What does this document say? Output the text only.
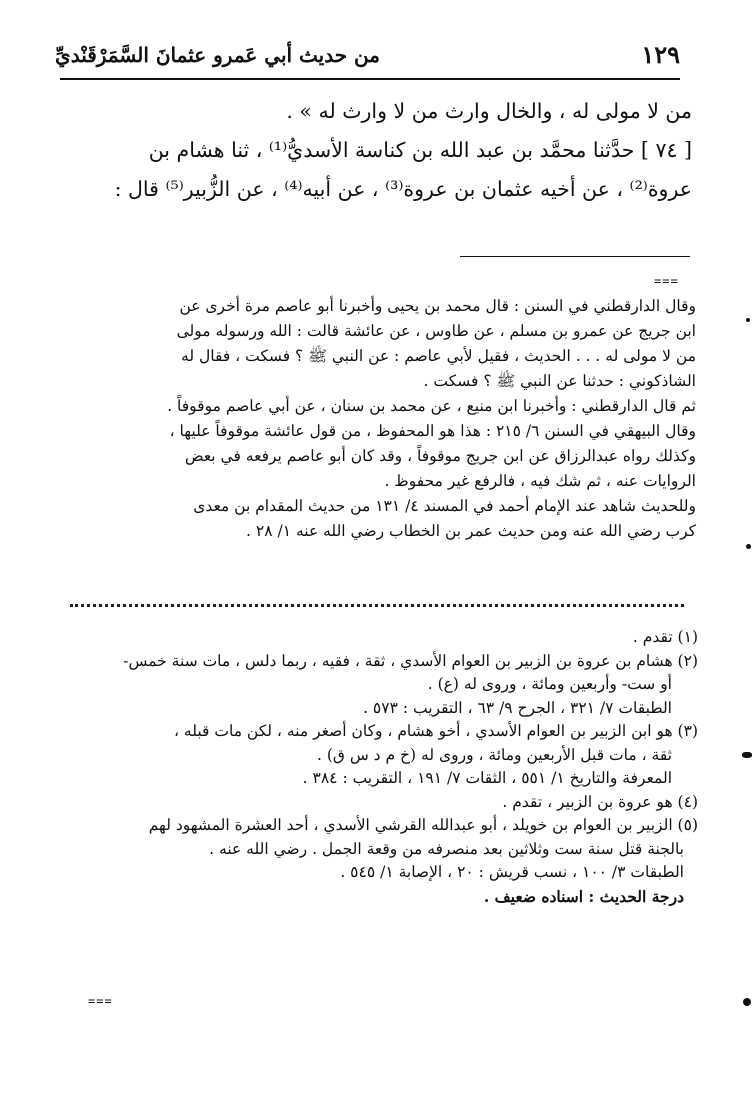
١٢٩
من حديث أبي عَمرو عثمانَ السَّمَرْقَنْديِّ

من لا مولى له ، والخال وارث من لا وارث له » .

[ ٧٤ ] حدَّثنا محمَّد بن عبد الله بن كناسة الأسديُّ⁽¹⁾ ، ثنا هشام بن

عروة⁽²⁾ ، عن أخيه عثمان بن عروة⁽³⁾ ، عن أبيه⁽⁴⁾ ، عن الزُّبير⁽⁵⁾ قال :

===

وقال الدارقطني في السنن : قال محمد بن يحيى وأخبرنا أبو عاصم مرة أخرى عن

ابن جريج عن عمرو بن مسلم ، عن طاوس ، عن عائشة قالت : الله ورسوله مولى

من لا مولى له . . . الحديث ، فقيل لأبي عاصم : عن النبي ﷺ ؟ فسكت ، فقال له

الشاذكوني : حدثنا عن النبي ﷺ ؟ فسكت .

ثم قال الدارقطني : وأخبرنا ابن منيع ، عن محمد بن سنان ، عن أبي عاصم موقوفاً .

وقال البيهقي في السنن ٦/ ٢١٥ : هذا هو المحفوظ ، من قول عائشة موقوفاً عليها ،

وكذلك رواه عبدالرزاق عن ابن جريج موقوفاً ، وقد كان أبو عاصم يرفعه في بعض

الروايات عنه ، ثم شك فيه ، فالرفع غير محفوظ .

وللحديث شاهد عند الإمام أحمد في المسند ٤/ ١٣١ من حديث المقدام بن معدى

كرب رضي الله عنه ومن حديث عمر بن الخطاب رضي الله عنه ١/ ٢٨ .

(١) تقدم .

(٢) هشام بن عروة بن الزبير بن العوام الأسدي ، ثقة ، فقيه ، ربما دلس ، مات سنة خمس-

أو ست- وأربعين ومائة ، وروى له (ع) .

الطبقات ٧/ ٣٢١ ، الجرح ٩/ ٦٣ ، التقريب : ٥٧٣ .

(٣) هو ابن الزبير بن العوام الأسدي ، أخو هشام ، وكان أصغر منه ، لكن مات قبله ،

ثقة ، مات قبل الأربعين ومائة ، وروى له (خ م د س ق) .

المعرفة والتاريخ ١/ ٥٥١ ، الثقات ٧/ ١٩١ ، التقريب : ٣٨٤ .

(٤) هو عروة بن الزبير ، تقدم .

(٥) الزبير بن العوام بن خويلد ، أبو عبدالله القرشي الأسدي ، أحد العشرة المشهود لهم

بالجنة قتل سنة ست وثلاثين بعد منصرفه من وقعة الجمل . رضي الله عنه .

الطبقات ٣/ ١٠٠ ، نسب قريش : ٢٠ ، الإصابة ١/ ٥٤٥ .

درجة الحديث : اسناده ضعيف .

===
